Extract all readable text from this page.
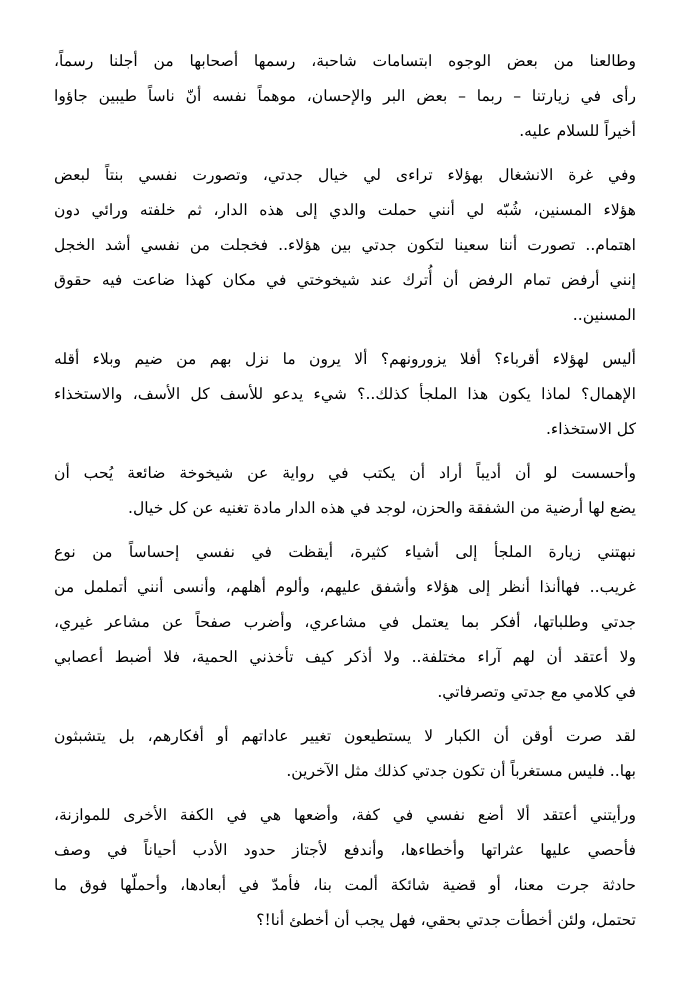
وطالعنا من بعض الوجوه ابتسامات شاحبة، رسمها أصحابها من أجلنا رسماً،
رأى في زيارتنا – ربما – بعض البر والإحسان، موهماً نفسه أنّ ناساً طيبين جاؤوا
أخيراً للسلام عليه.
وفي غرة الانشغال بهؤلاء تراءى لي خيال جدتي، وتصورت نفسي بنتاً لبعض
هؤلاء المسنين، شُبّه لي أنني حملت والدي إلى هذه الدار، ثم خلفته ورائي دون
اهتمام.. تصورت أننا سعينا لتكون جدتي بين هؤلاء.. فخجلت من نفسي أشد الخجل
إنني أرفض تمام الرفض أن أُترك عند شيخوختي في مكان كهذا ضاعت فيه حقوق
المسنين..
أليس لهؤلاء أقرباء؟ أفلا يزورونهم؟ ألا يرون ما نزل بهم من ضيم وبلاء أقله
الإهمال؟ لماذا يكون هذا الملجأ كذلك..؟ شيء يدعو للأسف كل الأسف، والاستخذاء
كل الاستخذاء.
وأحسست لو أن أديباً أراد أن يكتب في رواية عن شيخوخة ضائعة يُحب أن
يضع لها أرضية من الشفقة والحزن، لوجد في هذه الدار مادة تغنيه عن كل خيال.
نبهتني زيارة الملجأ إلى أشياء كثيرة، أيقظت في نفسي إحساساً من نوع
غريب.. فهاأنذا أنظر إلى هؤلاء وأشفق عليهم، وألوم أهلهم، وأنسى أنني أتململ من
جدتي وطلباتها، أفكر بما يعتمل في مشاعري، وأضرب صفحاً عن مشاعر غيري،
ولا أعتقد أن لهم آراء مختلفة.. ولا أذكر كيف تأخذني الحمية، فلا أضبط أعصابي
في كلامي مع جدتي وتصرفاتي.
لقد صرت أوقن أن الكبار لا يستطيعون تغيير عاداتهم أو أفكارهم، بل يتشبثون
بها.. فليس مستغرباً أن تكون جدتي كذلك مثل الآخرين.
ورأيتني أعتقد ألا أضع نفسي في كفة، وأضعها هي في الكفة الأخرى للموازنة،
فأحصي عليها عثراتها وأخطاءها، وأندفع لأجتاز حدود الأدب أحياناً في وصف
حادثة جرت معنا، أو قضية شائكة ألمت بنا، فأمدّ في أبعادها، وأحملّها فوق ما
تحتمل، ولئن أخطأت جدتي بحقي، فهل يجب أن أخطئ أنا!؟
